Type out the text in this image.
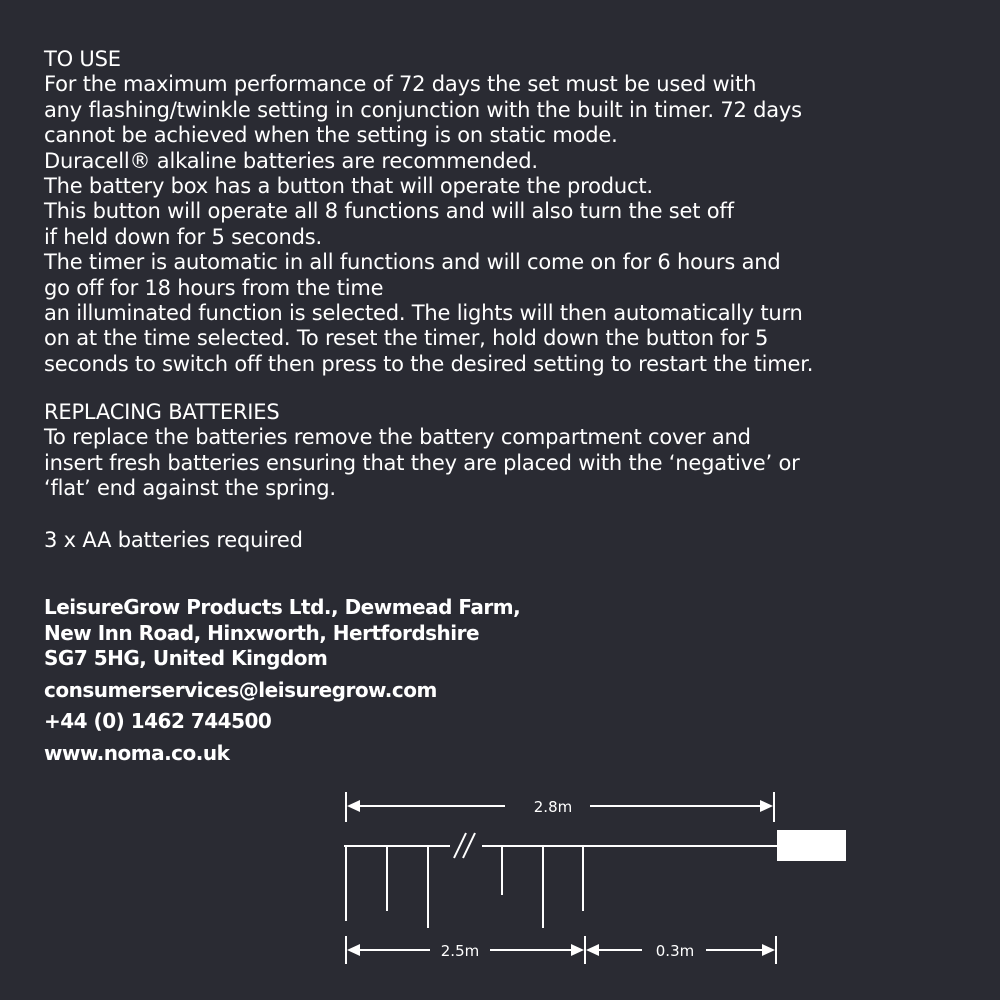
TO USE
For the maximum performance of 72 days the set must be used with
any flashing/twinkle setting in conjunction with the built in timer. 72 days
cannot be achieved when the setting is on static mode.
Duracell® alkaline batteries are recommended.
The battery box has a button that will operate the product.
This button will operate all 8 functions and will also turn the set off
if held down for 5 seconds.
The timer is automatic in all functions and will come on for 6 hours and
go off for 18 hours from the time
an illuminated function is selected. The lights will then automatically turn
on at the time selected. To reset the timer, hold down the button for 5
seconds to switch off then press to the desired setting to restart the timer.
REPLACING BATTERIES
To replace the batteries remove the battery compartment cover and
insert fresh batteries ensuring that they are placed with the ‘negative’ or
‘flat’ end against the spring.
3 x AA batteries required
LeisureGrow Products Ltd., Dewmead Farm,
New Inn Road, Hinxworth, Hertfordshire
SG7 5HG, United Kingdom
consumerservices@leisuregrow.com
+44 (0) 1462 744500
www.noma.co.uk
2.8m
2.5m	0.3m
